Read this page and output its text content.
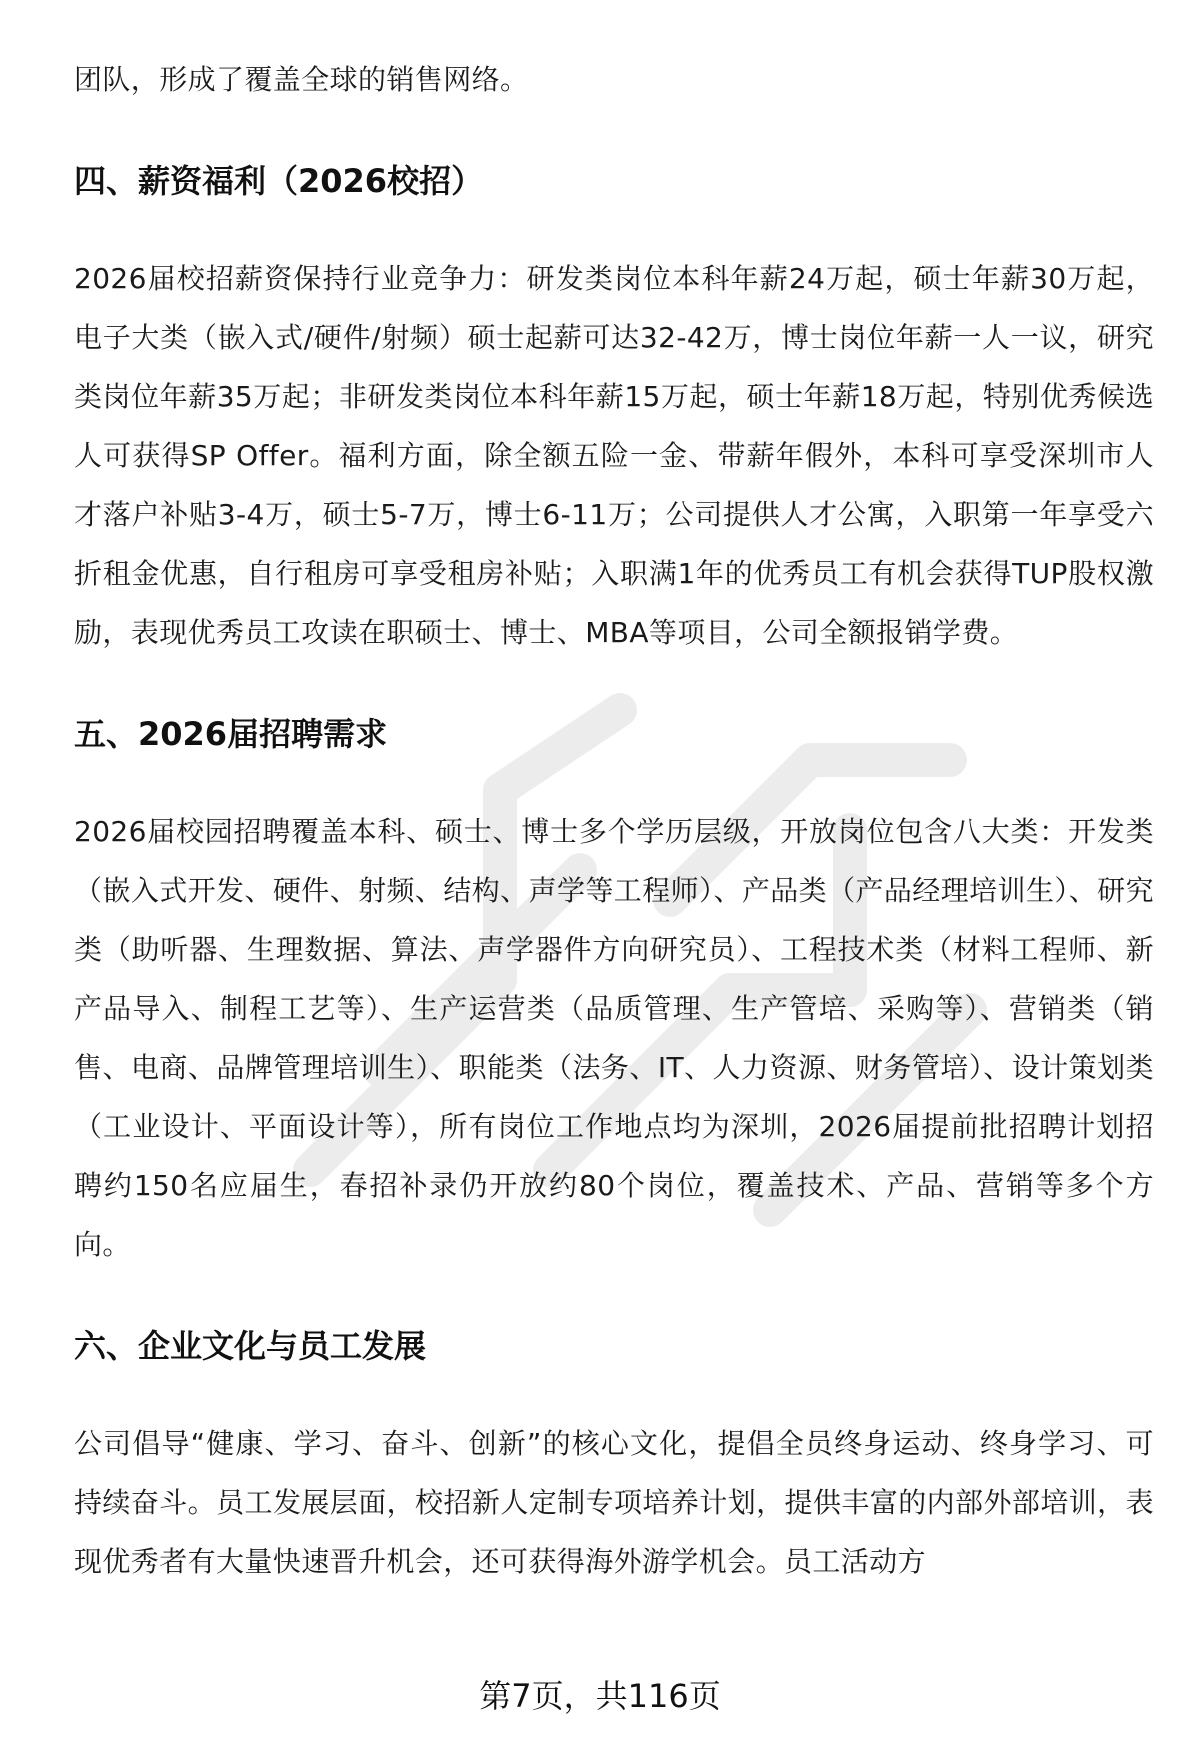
团队，形成了覆盖全球的销售网络。

四、薪资福利（2026校招）

2026届校招薪资保持行业竞争力：研发类岗位本科年薪24万起，硕士年薪30万起，电子大类（嵌入式/硬件/射频）硕士起薪可达32-42万，博士岗位年薪一人一议，研究类岗位年薪35万起；非研发类岗位本科年薪15万起，硕士年薪18万起，特别优秀候选人可获得SP Offer。福利方面，除全额五险一金、带薪年假外，本科可享受深圳市人才落户补贴3-4万，硕士5-7万，博士6-11万；公司提供人才公寓，入职第一年享受六折租金优惠，自行租房可享受租房补贴；入职满1年的优秀员工有机会获得TUP股权激励，表现优秀员工攻读在职硕士、博士、MBA等项目，公司全额报销学费。

五、2026届招聘需求

2026届校园招聘覆盖本科、硕士、博士多个学历层级，开放岗位包含八大类：开发类（嵌入式开发、硬件、射频、结构、声学等工程师）、产品类（产品经理培训生）、研究类（助听器、生理数据、算法、声学器件方向研究员）、工程技术类（材料工程师、新产品导入、制程工艺等）、生产运营类（品质管理、生产管培、采购等）、营销类（销售、电商、品牌管理培训生）、职能类（法务、IT、人力资源、财务管培）、设计策划类（工业设计、平面设计等），所有岗位工作地点均为深圳，2026届提前批招聘计划招聘约150名应届生，春招补录仍开放约80个岗位，覆盖技术、产品、营销等多个方向。

六、企业文化与员工发展

公司倡导“健康、学习、奋斗、创新”的核心文化，提倡全员终身运动、终身学习、可持续奋斗。员工发展层面，校招新人定制专项培养计划，提供丰富的内部外部培训，表现优秀者有大量快速晋升机会，还可获得海外游学机会。员工活动方

第7页，共116页
